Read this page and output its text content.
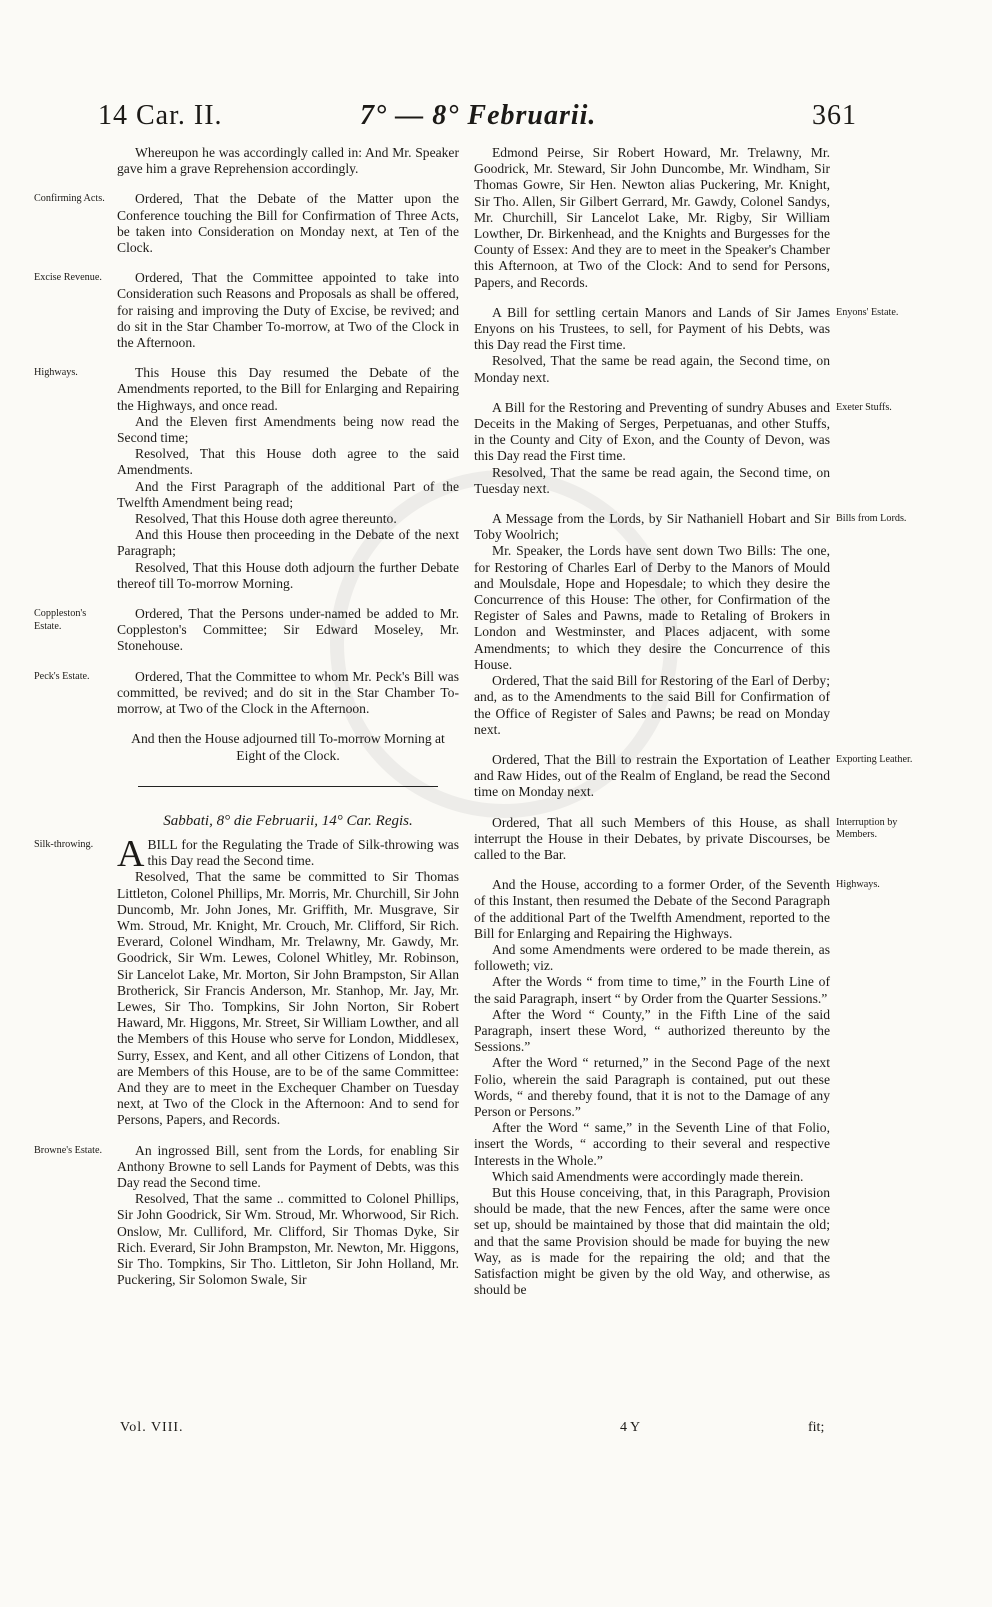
14 Car. II.	7° — 8° Februarii.	361

Whereupon he was accordingly called in: And Mr. Speaker gave him a grave Reprehension accordingly.

Ordered, That the Debate of the Matter upon the Conference touching the Bill for Confirmation of Three Acts, be taken into Consideration on Monday next, at Ten of the Clock.

Ordered, That the Committee appointed to take into Consideration such Reasons and Proposals as shall be offered, for raising and improving the Duty of Excise, be revived; and do sit in the Star Chamber To-morrow, at Two of the Clock in the Afternoon.

This House this Day resumed the Debate of the Amendments reported, to the Bill for Enlarging and Repairing the Highways, and once read.

And the Eleven first Amendments being now read the Second time;

Resolved, That this House doth agree to the said Amendments.

And the First Paragraph of the additional Part of the Twelfth Amendment being read;

Resolved, That this House doth agree thereunto.

And this House then proceeding in the Debate of the next Paragraph;

Resolved, That this House doth adjourn the further Debate thereof till To-morrow Morning.

Ordered, That the Persons under-named be added to Mr. Coppleston's Committee; Sir Edward Moseley, Mr. Stonehouse.

Ordered, That the Committee to whom Mr. Peck's Bill was committed, be revived; and do sit in the Star Chamber To-morrow, at Two of the Clock in the Afternoon.

And then the House adjourned till To-morrow Morning at Eight of the Clock.
Sabbati, 8° die Februarii, 14° Car. Regis.

ABILL for the Regulating the Trade of Silk-throwing was this Day read the Second time.

Resolved, That the same be committed to Sir Thomas Littleton, Colonel Phillips, Mr. Morris, Mr. Churchill, Sir John Duncomb, Mr. John Jones, Mr. Griffith, Mr. Musgrave, Sir Wm. Stroud, Mr. Knight, Mr. Crouch, Mr. Clifford, Sir Rich. Everard, Colonel Windham, Mr. Trelawny, Mr. Gawdy, Mr. Goodrick, Sir Wm. Lewes, Colonel Whitley, Mr. Robinson, Sir Lancelot Lake, Mr. Morton, Sir John Brampston, Sir Allan Brotherick, Sir Francis Anderson, Mr. Stanhop, Mr. Jay, Mr. Lewes, Sir Tho. Tompkins, Sir John Norton, Sir Robert Haward, Mr. Higgons, Mr. Street, Sir William Lowther, and all the Members of this House who serve for London, Middlesex, Surry, Essex, and Kent, and all other Citizens of London, that are Members of this House, are to be of the same Committee: And they are to meet in the Exchequer Chamber on Tuesday next, at Two of the Clock in the Afternoon: And to send for Persons, Papers, and Records.

An ingrossed Bill, sent from the Lords, for enabling Sir Anthony Browne to sell Lands for Payment of Debts, was this Day read the Second time.

Resolved, That the same .. committed to Colonel Phillips, Sir John Goodrick, Sir Wm. Stroud, Mr. Whorwood, Sir Rich. Onslow, Mr. Culliford, Mr. Clifford, Sir Thomas Dyke, Sir Rich. Everard, Sir John Brampston, Mr. Newton, Mr. Higgons, Sir Tho. Tompkins, Sir Tho. Littleton, Sir John Holland, Mr. Puckering, Sir Solomon Swale, Sir

Edmond Peirse, Sir Robert Howard, Mr. Trelawny, Mr. Goodrick, Mr. Steward, Sir John Duncombe, Mr. Windham, Sir Thomas Gowre, Sir Hen. Newton alias Puckering, Mr. Knight, Sir Tho. Allen, Sir Gilbert Gerrard, Mr. Gawdy, Colonel Sandys, Mr. Churchill, Sir Lancelot Lake, Mr. Rigby, Sir William Lowther, Dr. Birkenhead, and the Knights and Burgesses for the County of Essex: And they are to meet in the Speaker's Chamber this Afternoon, at Two of the Clock: And to send for Persons, Papers, and Records.

A Bill for settling certain Manors and Lands of Sir James Enyons on his Trustees, to sell, for Payment of his Debts, was this Day read the First time.

Resolved, That the same be read again, the Second time, on Monday next.

A Bill for the Restoring and Preventing of sundry Abuses and Deceits in the Making of Serges, Perpetuanas, and other Stuffs, in the County and City of Exon, and the County of Devon, was this Day read the First time.

Resolved, That the same be read again, the Second time, on Tuesday next.

A Message from the Lords, by Sir Nathaniell Hobart and Sir Toby Woolrich;

Mr. Speaker, the Lords have sent down Two Bills: The one, for Restoring of Charles Earl of Derby to the Manors of Mould and Moulsdale, Hope and Hopesdale; to which they desire the Concurrence of this House: The other, for Confirmation of the Register of Sales and Pawns, made to Retaling of Brokers in London and Westminster, and Places adjacent, with some Amendments; to which they desire the Concurrence of this House.

Ordered, That the said Bill for Restoring of the Earl of Derby; and, as to the Amendments to the said Bill for Confirmation of the Office of Register of Sales and Pawns; be read on Monday next.

Ordered, That the Bill to restrain the Exportation of Leather and Raw Hides, out of the Realm of England, be read the Second time on Monday next.

Ordered, That all such Members of this House, as shall interrupt the House in their Debates, by private Discourses, be called to the Bar.

And the House, according to a former Order, of the Seventh of this Instant, then resumed the Debate of the Second Paragraph of the additional Part of the Twelfth Amendment, reported to the Bill for Enlarging and Repairing the Highways.

And some Amendments were ordered to be made therein, as followeth; viz.

After the Words “ from time to time,” in the Fourth Line of the said Paragraph, insert “ by Order from the Quarter Sessions.”

After the Word “ County,” in the Fifth Line of the said Paragraph, insert these Word, “ authorized thereunto by the Sessions.”

After the Word “ returned,” in the Second Page of the next Folio, wherein the said Paragraph is contained, put out these Words, “ and thereby found, that it is not to the Damage of any Person or Persons.”

After the Word “ same,” in the Seventh Line of that Folio, insert the Words, “ according to their several and respective Interests in the Whole.”

Which said Amendments were accordingly made therein.

But this House conceiving, that, in this Paragraph, Provision should be made, that the new Fences, after the same were once set up, should be maintained by those that did maintain the old; and that the same Provision should be made for buying the new Way, as is made for the repairing the old; and that the Satisfaction might be given by the old Way, and otherwise, as should be

Confirming Acts.
Excise Revenue.
Highways.
Coppleston's Estate.
Peck's Estate.
Silk-throwing.
Browne's Estate.
Enyons' Estate.
Exeter Stuffs.
Bills from Lords.
Exporting Leather.
Interruption by Members.
Highways.
Vol. VIII.	4 Y	fit;
